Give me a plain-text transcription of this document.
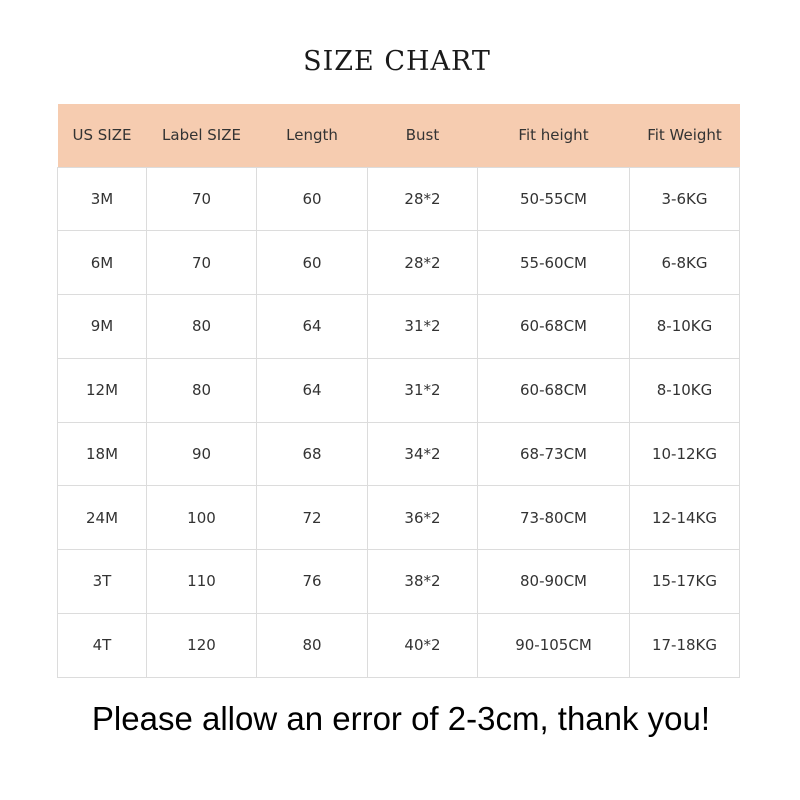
SIZE CHART
US SIZE	Label SIZE	Length	Bust	Fit height	Fit Weight
3M	70	60	28*2	50-55CM	3-6KG
6M	70	60	28*2	55-60CM	6-8KG
9M	80	64	31*2	60-68CM	8-10KG
12M	80	64	31*2	60-68CM	8-10KG
18M	90	68	34*2	68-73CM	10-12KG
24M	100	72	36*2	73-80CM	12-14KG
3T	110	76	38*2	80-90CM	15-17KG
4T	120	80	40*2	90-105CM	17-18KG
Please allow an error of 2-3cm, thank you!
